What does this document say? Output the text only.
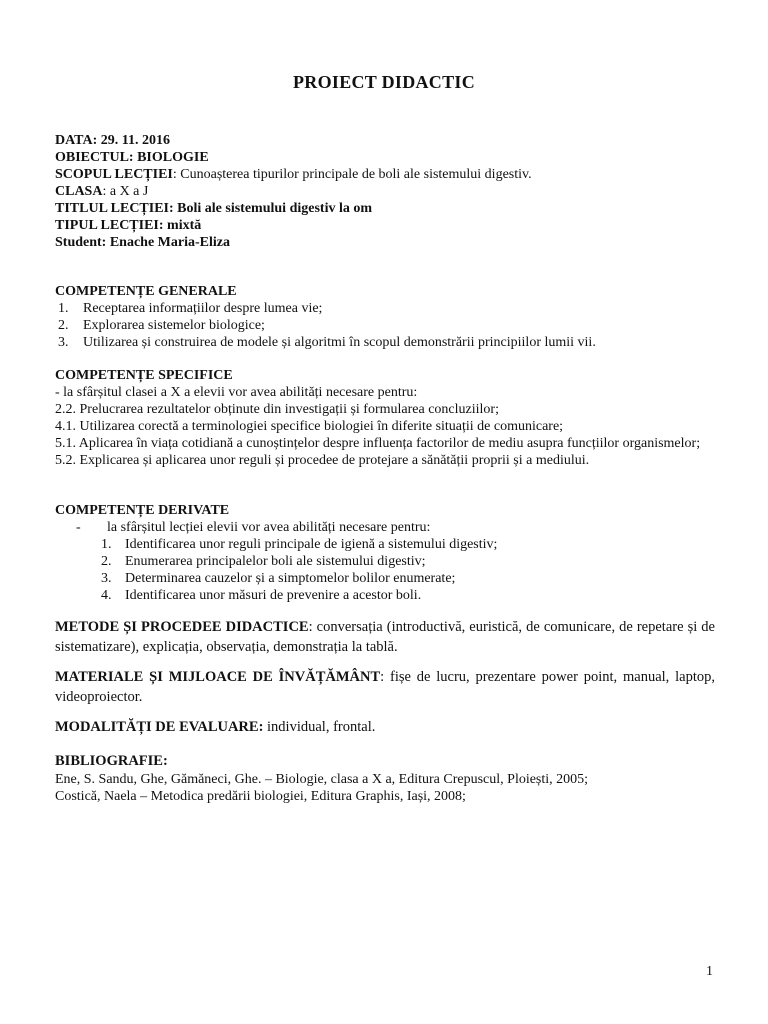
PROIECT DIDACTIC
DATA: 29. 11. 2016
OBIECTUL: BIOLOGIE
SCOPUL LECȚIEI: Cunoașterea tipurilor principale de boli ale sistemului digestiv.
CLASA: a X a J
TITLUL LECȚIEI: Boli ale sistemului digestiv la om
TIPUL LECȚIEI: mixtă
Student: Enache Maria-Eliza
COMPETENȚE GENERALE
1. Receptarea informațiilor despre lumea vie;
2. Explorarea sistemelor biologice;
3. Utilizarea și construirea de modele și algoritmi în scopul demonstrării principiilor lumii vii.
COMPETENȚE SPECIFICE
- la sfârșitul clasei a X a elevii vor avea abilități necesare pentru:
2.2. Prelucrarea rezultatelor obținute din investigații și formularea concluziilor;
4.1. Utilizarea corectă a terminologiei specifice biologiei în diferite situații de comunicare;
5.1. Aplicarea în viața cotidiană a cunoștințelor despre influența factorilor de mediu asupra funcțiilor organismelor;
5.2. Explicarea și aplicarea unor reguli și procedee de protejare a sănătății proprii și a mediului.
COMPETENȚE DERIVATE
- la sfârșitul lecției elevii vor avea abilități necesare pentru:
1. Identificarea unor reguli principale de igienă a sistemului digestiv;
2. Enumerarea principalelor boli ale sistemului digestiv;
3. Determinarea cauzelor și a simptomelor bolilor enumerate;
4. Identificarea unor măsuri de prevenire a acestor boli.
METODE ȘI PROCEDEE DIDACTICE: conversația (introductivă, euristică, de comunicare, de repetare și de sistematizare), explicația, observația, demonstrația la tablă.
MATERIALE ȘI MIJLOACE DE ÎNVĂȚĂMÂNT: fișe de lucru, prezentare power point, manual, laptop, videoproiector.
MODALITĂȚI DE EVALUARE: individual, frontal.
BIBLIOGRAFIE:
Ene, S. Sandu, Ghe, Gămăneci, Ghe. – Biologie, clasa a X a, Editura Crepuscul, Ploiești, 2005;
Costică, Naela – Metodica predării biologiei, Editura Graphis, Iași, 2008;
1
